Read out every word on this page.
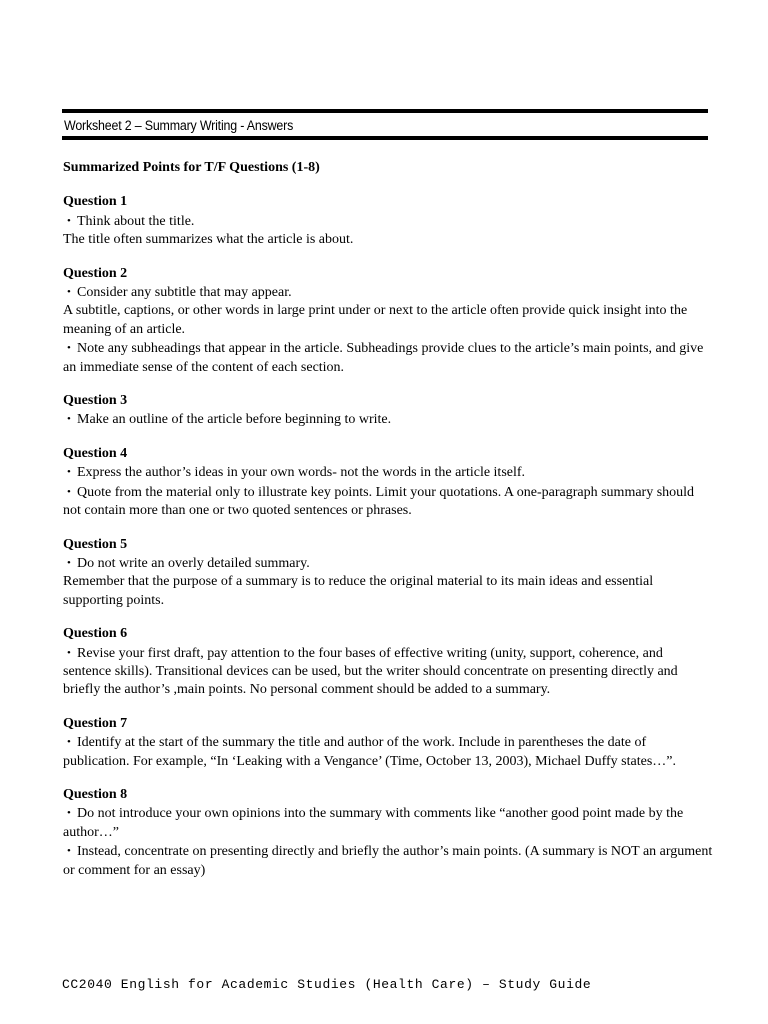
Worksheet 2 – Summary Writing - Answers

Summarized Points for T/F Questions (1-8)

Question 1

• Think about the title.

The title often summarizes what the article is about.

Question 2

• Consider any subtitle that may appear.

A subtitle, captions, or other words in large print under or next to the article often provide quick insight into the meaning of an article.

• Note any subheadings that appear in the article. Subheadings provide clues to the article’s main points, and give an immediate sense of the content of each section.

Question 3

• Make an outline of the article before beginning to write.

Question 4

• Express the author’s ideas in your own words- not the words in the article itself.

• Quote from the material only to illustrate key points. Limit your quotations. A one-paragraph summary should not contain more than one or two quoted sentences or phrases.

Question 5

• Do not write an overly detailed summary.

Remember that the purpose of a summary is to reduce the original material to its main ideas and essential supporting points.

Question 6

• Revise your first draft, pay attention to the four bases of effective writing (unity, support, coherence, and sentence skills). Transitional devices can be used, but the writer should concentrate on presenting directly and briefly the author’s ,main points. No personal comment should be added to a summary.

Question 7

• Identify at the start of the summary the title and author of the work. Include in parentheses the date of publication. For example, “In ‘Leaking with a Vengance’ (Time, October 13, 2003), Michael Duffy states…”.

Question 8

• Do not introduce your own opinions into the summary with comments like “another good point made by the author…”

• Instead, concentrate on presenting directly and briefly the author’s main points. (A summary is NOT an argument or comment for an essay)

CC2040 English for Academic Studies (Health Care) – Study Guide
